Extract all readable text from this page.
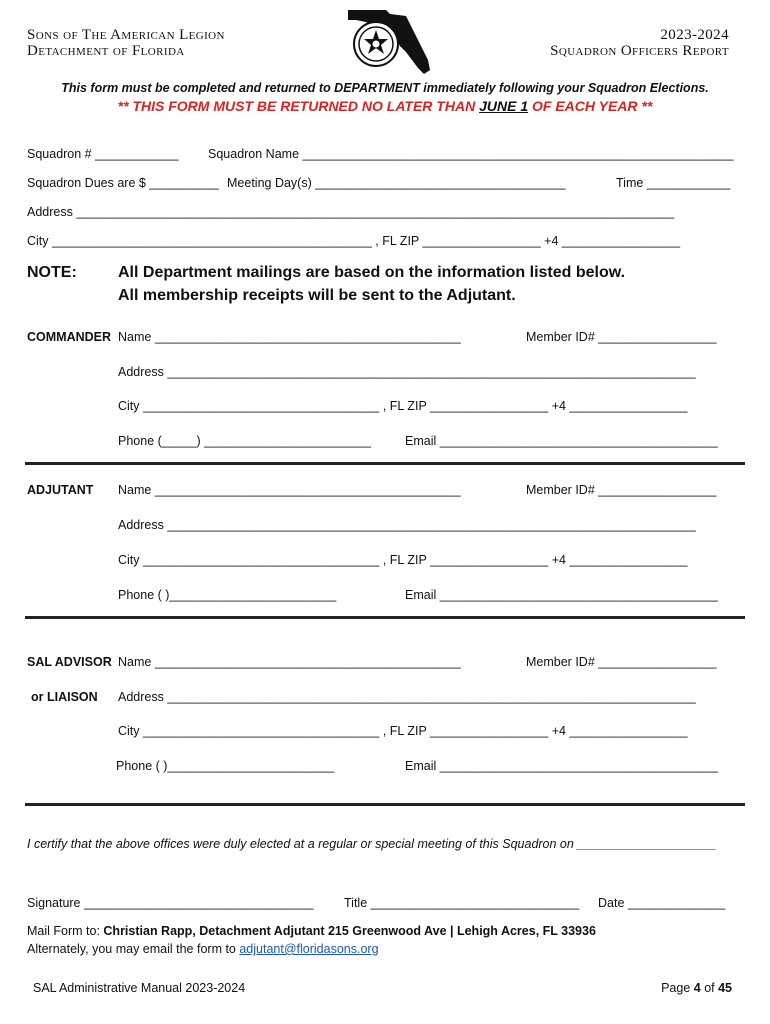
Sons of The American Legion
Detachment of Florida
2023-2024
Squadron Officers Report
This form must be completed and returned to DEPARTMENT immediately following your Squadron Elections.
** THIS FORM MUST BE RETURNED NO LATER THAN JUNE 1 OF EACH YEAR **
Squadron # ____________ Squadron Name ______________________________________________________________
Squadron Dues are $ __________ Meeting Day(s) ____________________________________	Time ____________
Address ______________________________________________________________________________________
City ______________________________________________ , FL ZIP _________________ +4 _________________
NOTE:	All Department mailings are based on the information listed below.
All membership receipts will be sent to the Adjutant.
COMMANDER Name ____________________________________________	Member ID# _________________
Address ____________________________________________________________________________
City __________________________________ , FL ZIP _________________ +4 _________________
Phone (_____) ________________________	Email ________________________________________
ADJUTANT Name ____________________________________________	Member ID# _________________
Address ____________________________________________________________________________
City __________________________________ , FL ZIP _________________ +4 _________________
Phone ( )________________________	Email ________________________________________
SAL ADVISOR
or LIAISON
Name ____________________________________________	Member ID# _________________
Address ____________________________________________________________________________
City __________________________________ , FL ZIP _________________ +4 _________________
Phone ( )________________________	Email ________________________________________
I certify that the above offices were duly elected at a regular or special meeting of this Squadron on ____________________
Signature _________________________________ Title ______________________________ Date ______________
Mail Form to: Christian Rapp, Detachment Adjutant 215 Greenwood Ave | Lehigh Acres, FL 33936
Alternately, you may email the form to adjutant@floridasons.org
SAL Administrative Manual 2023-2024	Page 4 of 45
